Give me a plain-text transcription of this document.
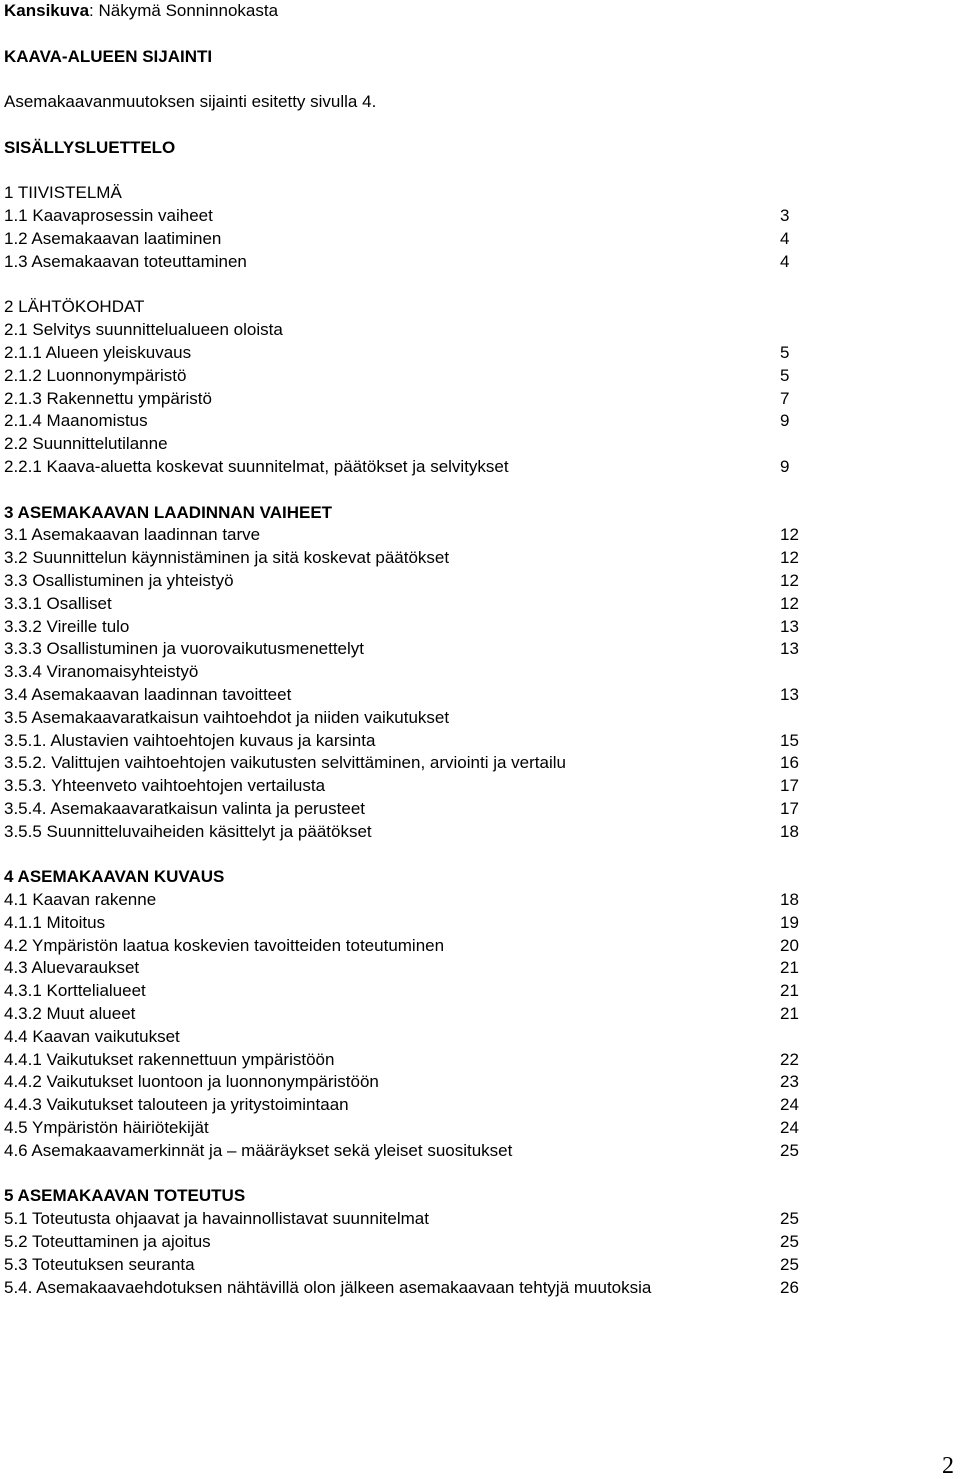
Kansikuva: Näkymä Sonninnokasta
KAAVA-ALUEEN SIJAINTI
Asemakaavanmuutoksen sijainti esitetty sivulla 4.
SISÄLLYSLUETTELO
1 TIIVISTELMÄ
1.1 Kaavaprosessin vaiheet	3
1.2 Asemakaavan laatiminen	4
1.3 Asemakaavan toteuttaminen	4
2 LÄHTÖKOHDAT
2.1 Selvitys suunnittelualueen oloista
2.1.1 Alueen yleiskuvaus	5
2.1.2 Luonnonympäristö	5
2.1.3 Rakennettu ympäristö	7
2.1.4 Maanomistus	9
2.2 Suunnittelutilanne
2.2.1 Kaava-aluetta koskevat suunnitelmat, päätökset ja selvitykset	9
3 ASEMAKAAVAN LAADINNAN VAIHEET
3.1 Asemakaavan laadinnan tarve	12
3.2 Suunnittelun käynnistäminen ja sitä koskevat päätökset	12
3.3 Osallistuminen ja yhteistyö	12
3.3.1 Osalliset	12
3.3.2 Vireille tulo	13
3.3.3 Osallistuminen ja vuorovaikutusmenettelyt	13
3.3.4 Viranomaisyhteistyö
3.4 Asemakaavan laadinnan tavoitteet	13
3.5 Asemakaavaratkaisun vaihtoehdot ja niiden vaikutukset
3.5.1. Alustavien vaihtoehtojen kuvaus ja karsinta	15
3.5.2. Valittujen vaihtoehtojen vaikutusten selvittäminen, arviointi ja vertailu	16
3.5.3. Yhteenveto vaihtoehtojen vertailusta	17
3.5.4. Asemakaavaratkaisun valinta ja perusteet	17
3.5.5 Suunnitteluvaiheiden käsittelyt ja päätökset	18
4 ASEMAKAAVAN KUVAUS
4.1 Kaavan rakenne	18
4.1.1 Mitoitus	19
4.2 Ympäristön laatua koskevien tavoitteiden toteutuminen	20
4.3 Aluevaraukset	21
4.3.1 Korttelialueet	21
4.3.2 Muut alueet	21
4.4 Kaavan vaikutukset
4.4.1 Vaikutukset rakennettuun ympäristöön	22
4.4.2 Vaikutukset luontoon ja luonnonympäristöön	23
4.4.3 Vaikutukset talouteen ja yritystoimintaan	24
4.5 Ympäristön häiriötekijät	24
4.6 Asemakaavamerkinnät ja – määräykset sekä yleiset suositukset	25
5 ASEMAKAAVAN TOTEUTUS
5.1 Toteutusta ohjaavat ja havainnollistavat suunnitelmat	25
5.2 Toteuttaminen ja ajoitus	25
5.3 Toteutuksen seuranta	25
5.4. Asemakaavaehdotuksen nähtävillä olon jälkeen asemakaavaan tehtyjä muutoksia	26
2
